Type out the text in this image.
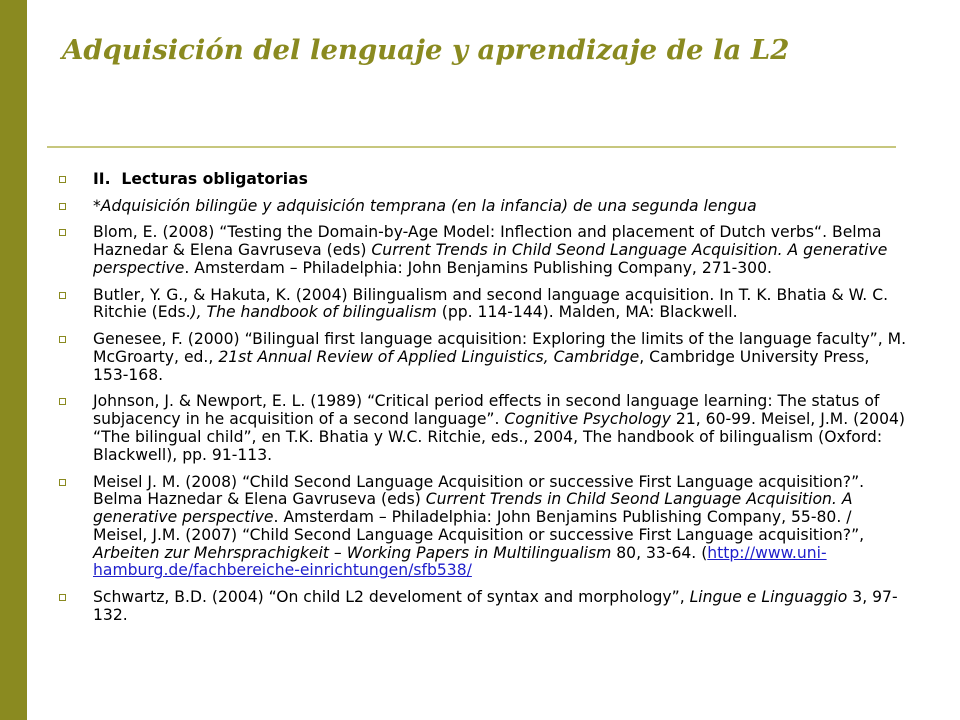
Adquisición del lenguaje y aprendizaje de la L2
II. Lecturas obligatorias
*Adquisición bilingüe y adquisición temprana (en la infancia) de una segunda lengua
Blom, E. (2008) “Testing the Domain-by-Age Model: Inflection and placement of Dutch verbs“. Belma Haznedar & Elena Gavruseva (eds) Current Trends in Child Seond Language Acquisition. A generative perspective. Amsterdam – Philadelphia: John Benjamins Publishing Company, 271-300.
Butler, Y. G., & Hakuta, K. (2004) Bilingualism and second language acquisition. In T. K. Bhatia & W. C. Ritchie (Eds.), The handbook of bilingualism (pp. 114-144). Malden, MA: Blackwell.
Genesee, F. (2000) “Bilingual first language acquisition: Exploring the limits of the language faculty”, M. McGroarty, ed., 21st Annual Review of Applied Linguistics, Cambridge, Cambridge University Press, 153-168.
Johnson, J. & Newport, E. L. (1989) “Critical period effects in second language learning: The status of subjacency in he acquisition of a second language”. Cognitive Psychology 21, 60-99. Meisel, J.M. (2004) “The bilingual child”, en T.K. Bhatia y W.C. Ritchie, eds., 2004, The handbook of bilingualism (Oxford: Blackwell), pp. 91-113.
Meisel J. M. (2008) “Child Second Language Acquisition or successive First Language acquisition?”. Belma Haznedar & Elena Gavruseva (eds) Current Trends in Child Seond Language Acquisition. A generative perspective. Amsterdam – Philadelphia: John Benjamins Publishing Company, 55-80. / Meisel, J.M. (2007) “Child Second Language Acquisition or successive First Language acquisition?”, Arbeiten zur Mehrsprachigkeit – Working Papers in Multilingualism 80, 33-64. (http://www.uni-hamburg.de/fachbereiche-einrichtungen/sfb538/
Schwartz, B.D. (2004) “On child L2 develoment of syntax and morphology”, Lingue e Linguaggio 3, 97-132.
